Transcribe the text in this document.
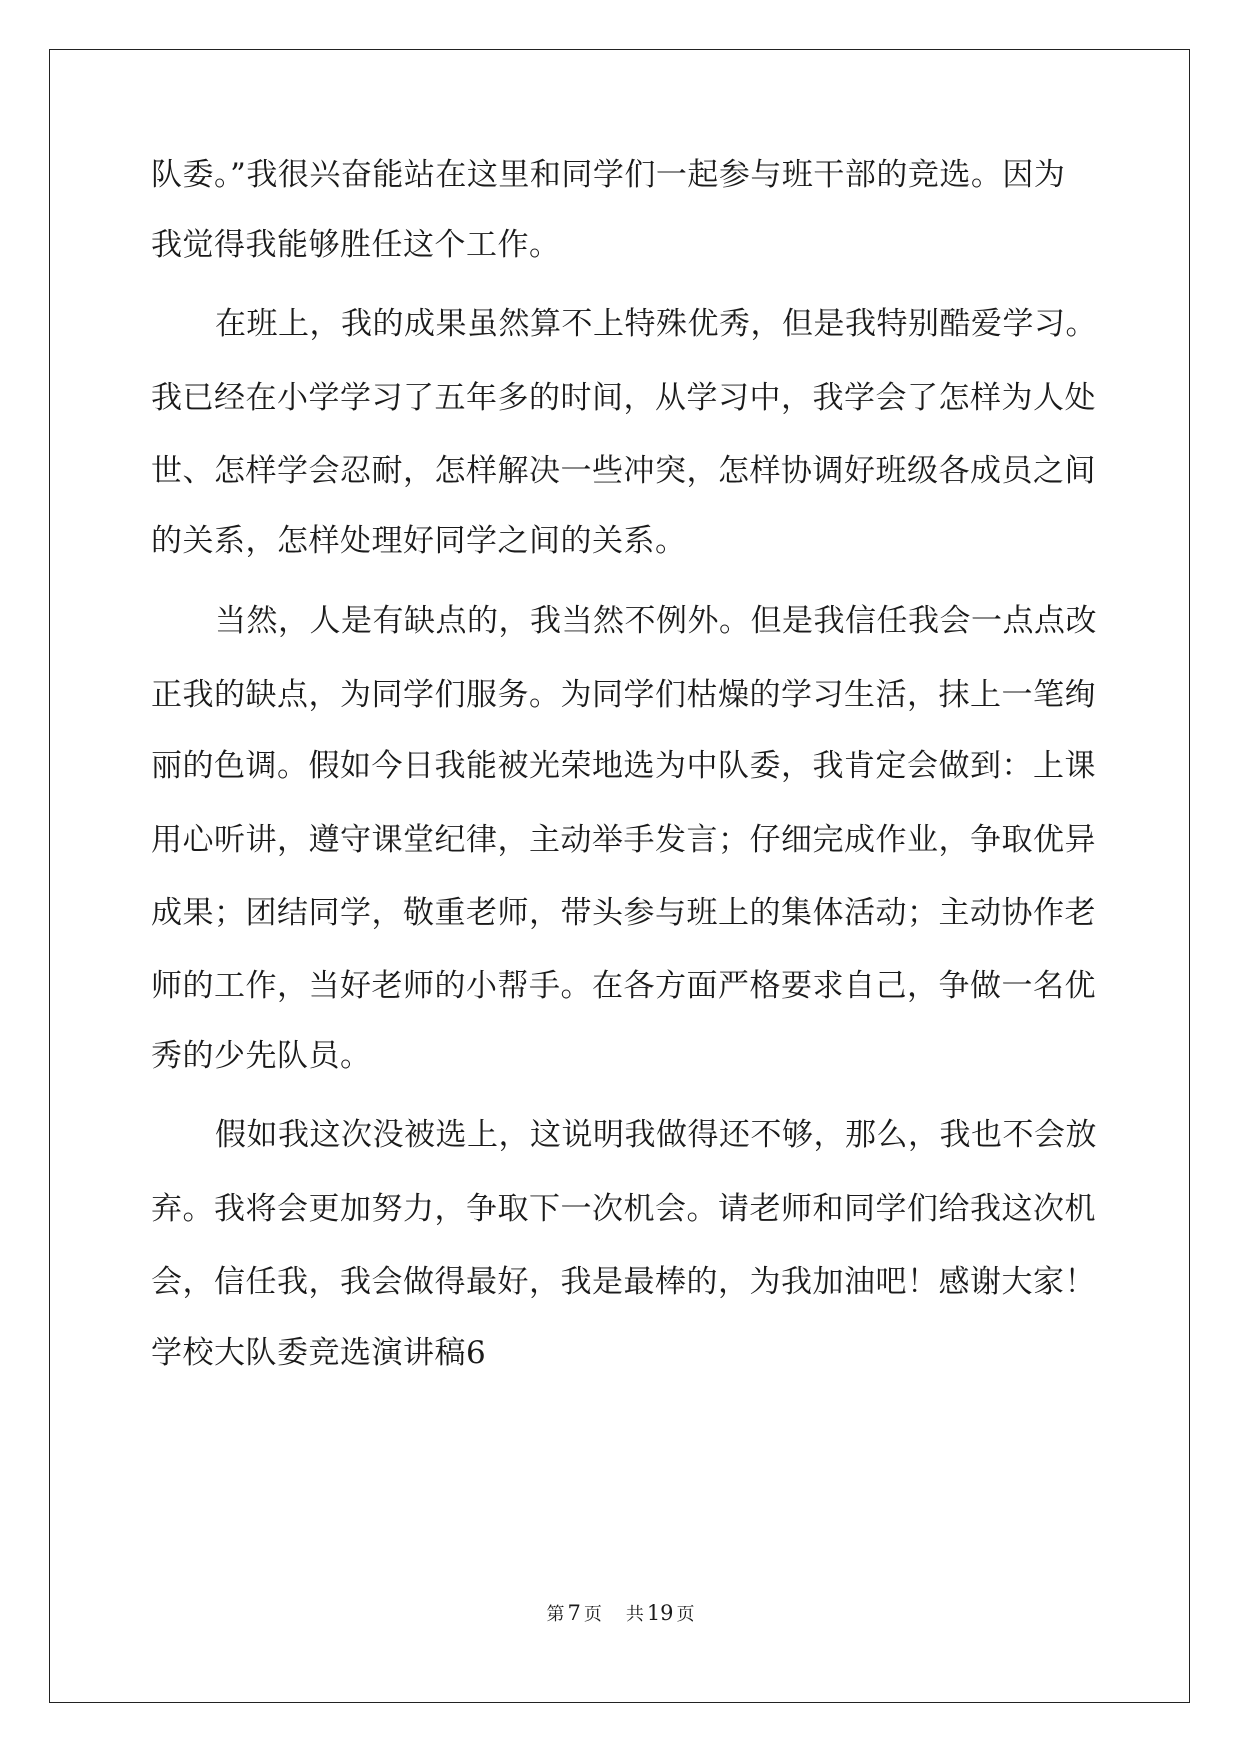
队委。”我很兴奋能站在这里和同学们一起参与班干部的竞选。因为
我觉得我能够胜任这个工作。
在班上，我的成果虽然算不上特殊优秀，但是我特别酷爱学习。
我已经在小学学习了五年多的时间，从学习中，我学会了怎样为人处
世、怎样学会忍耐，怎样解决一些冲突，怎样协调好班级各成员之间
的关系，怎样处理好同学之间的关系。
当然，人是有缺点的，我当然不例外。但是我信任我会一点点改
正我的缺点，为同学们服务。为同学们枯燥的学习生活，抹上一笔绚
丽的色调。假如今日我能被光荣地选为中队委，我肯定会做到：上课
用心听讲，遵守课堂纪律，主动举手发言；仔细完成作业，争取优异
成果；团结同学，敬重老师，带头参与班上的集体活动；主动协作老
师的工作，当好老师的小帮手。在各方面严格要求自己，争做一名优
秀的少先队员。
假如我这次没被选上，这说明我做得还不够，那么，我也不会放
弃。我将会更加努力，争取下一次机会。请老师和同学们给我这次机
会，信任我，我会做得最好，我是最棒的，为我加油吧！感谢大家！
学校大队委竞选演讲稿6
第 7 页 共 19 页
